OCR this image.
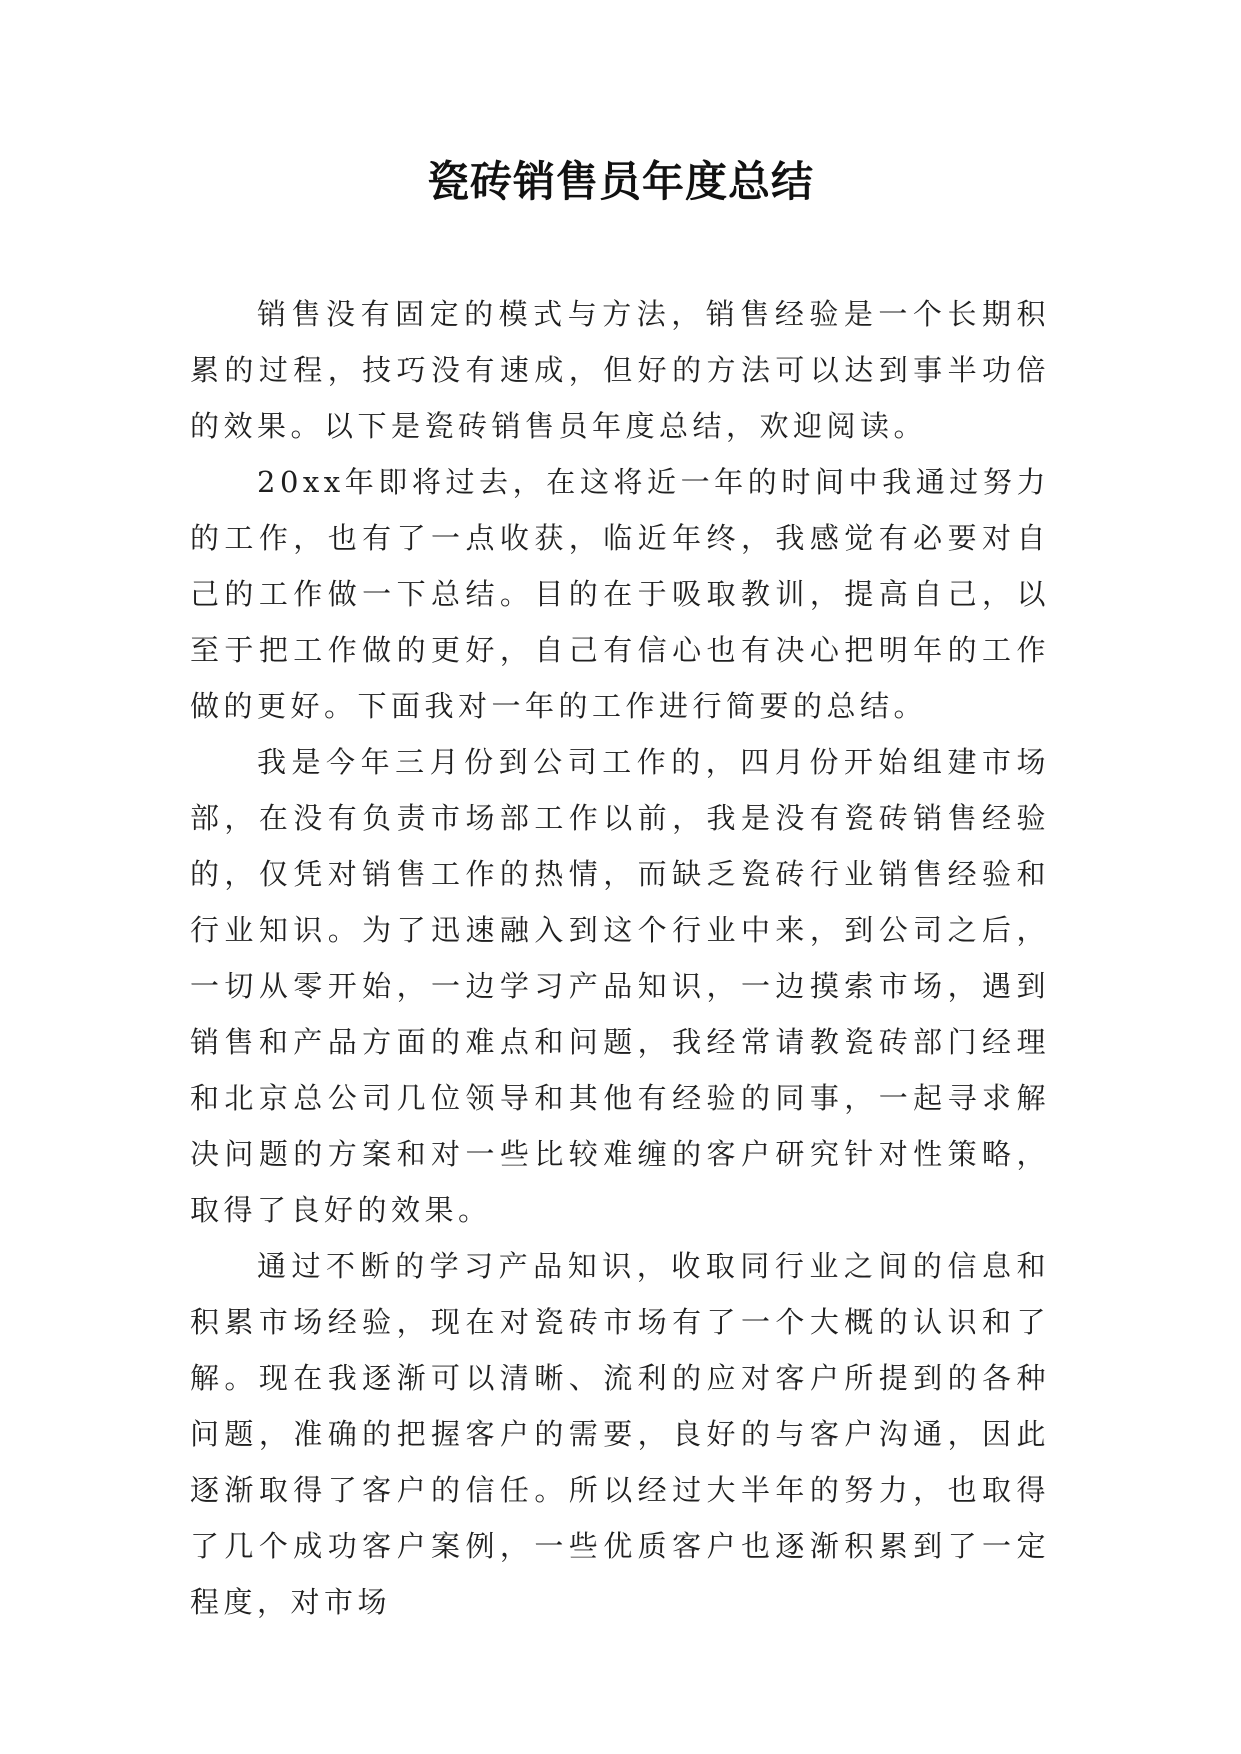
瓷砖销售员年度总结

销售没有固定的模式与方法，销售经验是一个长期积累的过程，技巧没有速成，但好的方法可以达到事半功倍的效果。以下是瓷砖销售员年度总结，欢迎阅读。

20xx年即将过去，在这将近一年的时间中我通过努力的工作，也有了一点收获，临近年终，我感觉有必要对自己的工作做一下总结。目的在于吸取教训，提高自己，以至于把工作做的更好，自己有信心也有决心把明年的工作做的更好。下面我对一年的工作进行简要的总结。

我是今年三月份到公司工作的，四月份开始组建市场部，在没有负责市场部工作以前，我是没有瓷砖销售经验的，仅凭对销售工作的热情，而缺乏瓷砖行业销售经验和行业知识。为了迅速融入到这个行业中来，到公司之后，一切从零开始，一边学习产品知识，一边摸索市场，遇到销售和产品方面的难点和问题，我经常请教瓷砖部门经理和北京总公司几位领导和其他有经验的同事，一起寻求解决问题的方案和对一些比较难缠的客户研究针对性策略，取得了良好的效果。

通过不断的学习产品知识，收取同行业之间的信息和积累市场经验，现在对瓷砖市场有了一个大概的认识和了解。现在我逐渐可以清晰、流利的应对客户所提到的各种问题，准确的把握客户的需要，良好的与客户沟通，因此逐渐取得了客户的信任。所以经过大半年的努力，也取得了几个成功客户案例，一些优质客户也逐渐积累到了一定程度，对市场
